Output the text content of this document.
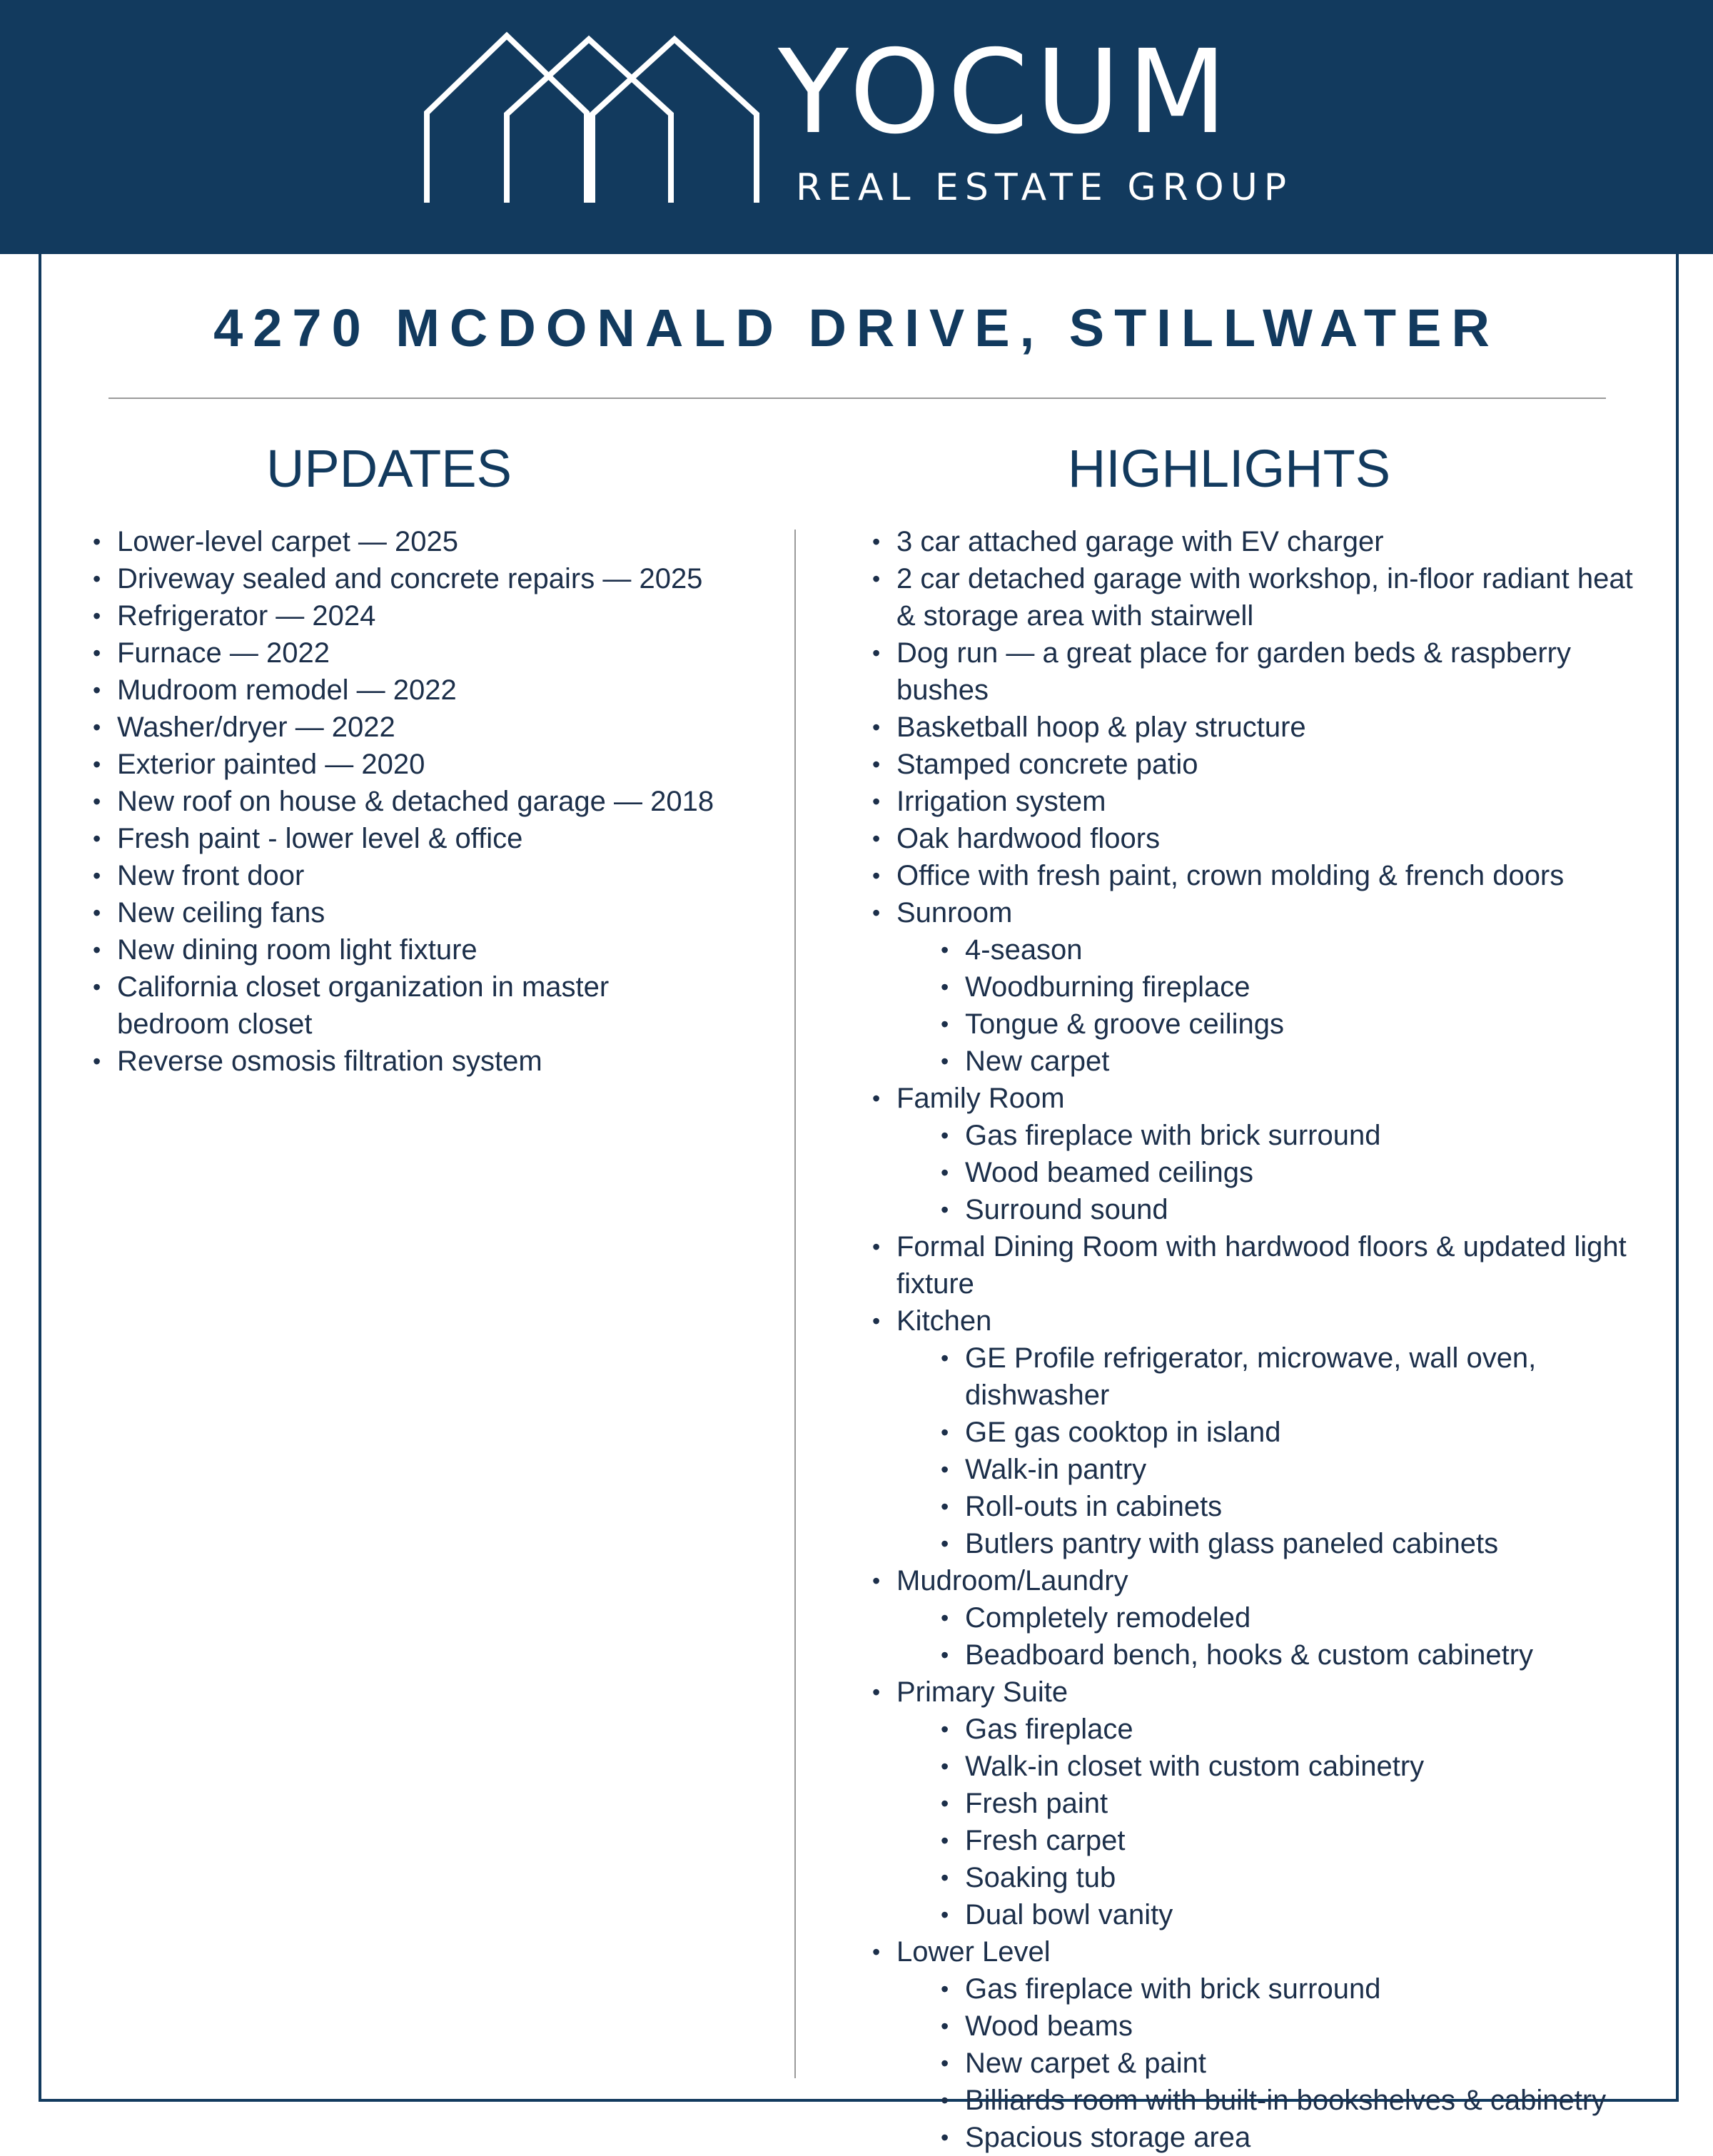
YOCUM
REAL ESTATE GROUP
4270 MCDONALD DRIVE, STILLWATER
UPDATES	HIGHLIGHTS
• Lower-level carpet — 2025
• Driveway sealed and concrete repairs — 2025
• Refrigerator — 2024
• Furnace — 2022
• Mudroom remodel — 2022
• Washer/dryer — 2022
• Exterior painted — 2020
• New roof on house & detached garage — 2018
• Fresh paint - lower level & office
• New front door
• New ceiling fans
• New dining room light fixture
• California closet organization in master bedroom closet
• Reverse osmosis filtration system
• 3 car attached garage with EV charger
• 2 car detached garage with workshop, in-floor radiant heat & storage area with stairwell
• Dog run — a great place for garden beds & raspberry bushes
• Basketball hoop & play structure
• Stamped concrete patio
• Irrigation system
• Oak hardwood floors
• Office with fresh paint, crown molding & french doors
• Sunroom
• 4-season
• Woodburning fireplace
• Tongue & groove ceilings
• New carpet
• Family Room
• Gas fireplace with brick surround
• Wood beamed ceilings
• Surround sound
• Formal Dining Room with hardwood floors & updated light fixture
• Kitchen
• GE Profile refrigerator, microwave, wall oven, dishwasher
• GE gas cooktop in island
• Walk-in pantry
• Roll-outs in cabinets
• Butlers pantry with glass paneled cabinets
• Mudroom/Laundry
• Completely remodeled
• Beadboard bench, hooks & custom cabinetry
• Primary Suite
• Gas fireplace
• Walk-in closet with custom cabinetry
• Fresh paint
• Fresh carpet
• Soaking tub
• Dual bowl vanity
• Lower Level
• Gas fireplace with brick surround
• Wood beams
• New carpet & paint
• Billiards room with built-in bookshelves & cabinetry
• Spacious storage area
